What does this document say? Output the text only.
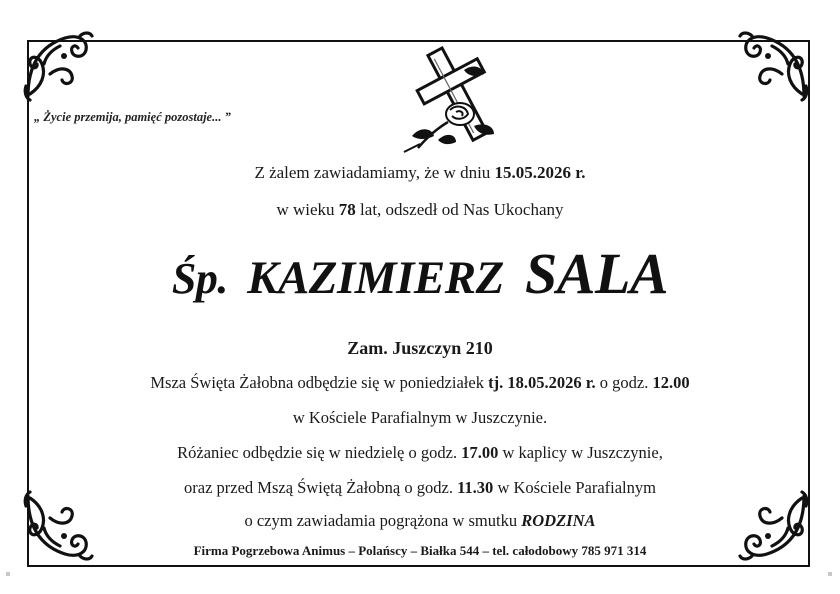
„ Życie przemija, pamięć pozostaje... ”
Z żalem zawiadamiamy, że w dniu 15.05.2026 r.
w wieku 78 lat, odszedł od Nas Ukochany
Śp. KAZIMIERZ SALA
Zam. Juszczyn 210
Msza Święta Żałobna odbędzie się w poniedziałek tj. 18.05.2026 r. o godz. 12.00
w Kościele Parafialnym w Juszczynie.
Różaniec odbędzie się w niedzielę o godz. 17.00 w kaplicy w Juszczynie,
oraz przed Mszą Świętą Żałobną o godz. 11.30 w Kościele Parafialnym
o czym zawiadamia pogrążona w smutku RODZINA
Firma Pogrzebowa Animus – Polańscy – Białka 544 – tel. całodobowy 785 971 314
